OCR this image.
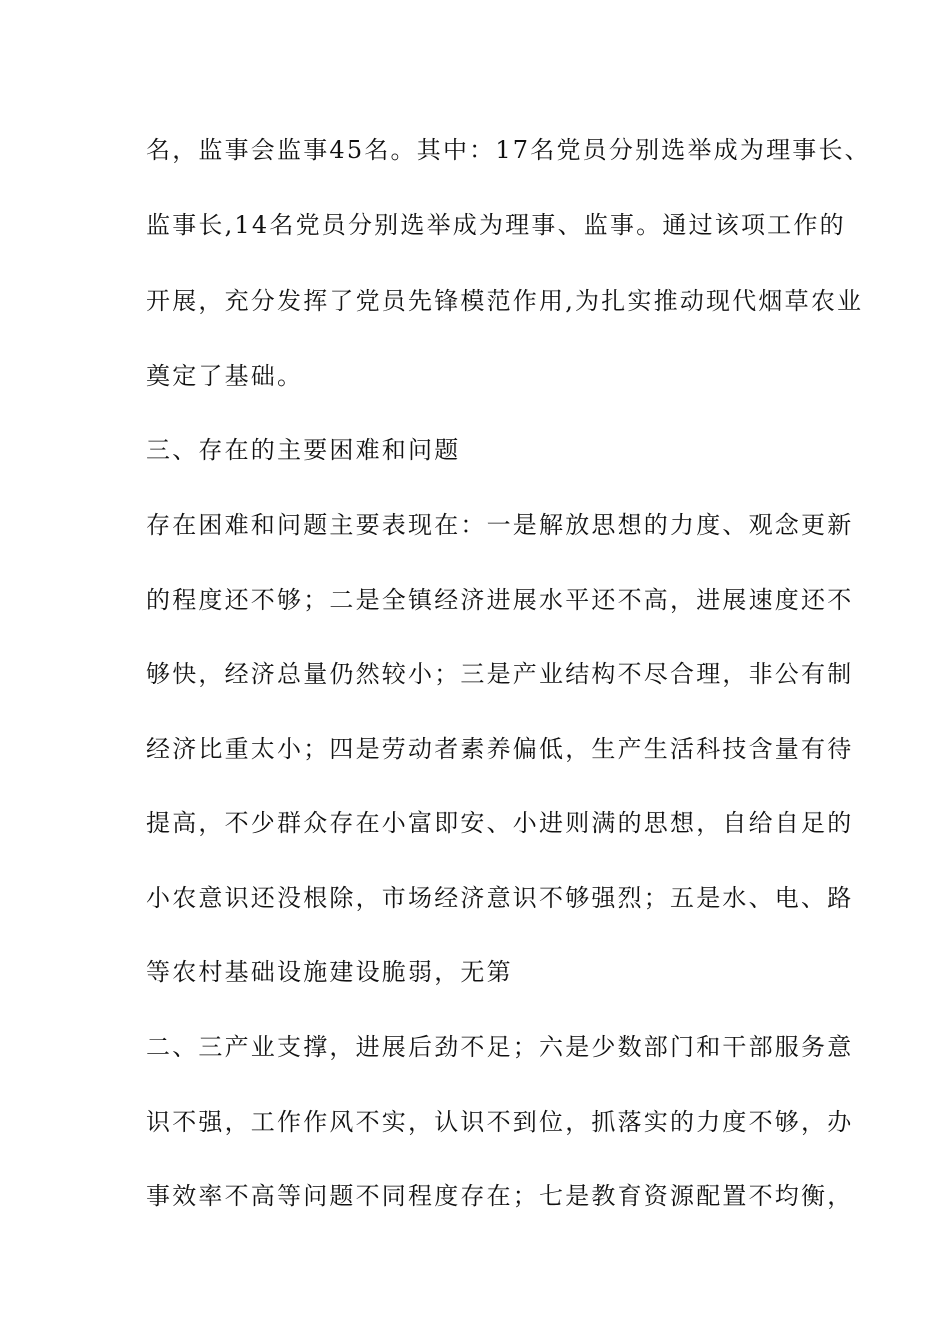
名，监事会监事45名。其中：17名党员分别选举成为理事长、
监事长,14名党员分别选举成为理事、监事。通过该项工作的
开展，充分发挥了党员先锋模范作用,为扎实推动现代烟草农业
奠定了基础。
三、存在的主要困难和问题
存在困难和问题主要表现在：一是解放思想的力度、观念更新
的程度还不够；二是全镇经济进展水平还不高，进展速度还不
够快，经济总量仍然较小；三是产业结构不尽合理，非公有制
经济比重太小；四是劳动者素养偏低，生产生活科技含量有待
提高，不少群众存在小富即安、小进则满的思想，自给自足的
小农意识还没根除，市场经济意识不够强烈；五是水、电、路
等农村基础设施建设脆弱，无第
二、三产业支撑，进展后劲不足；六是少数部门和干部服务意
识不强，工作作风不实，认识不到位，抓落实的力度不够，办
事效率不高等问题不同程度存在；七是教育资源配置不均衡，
